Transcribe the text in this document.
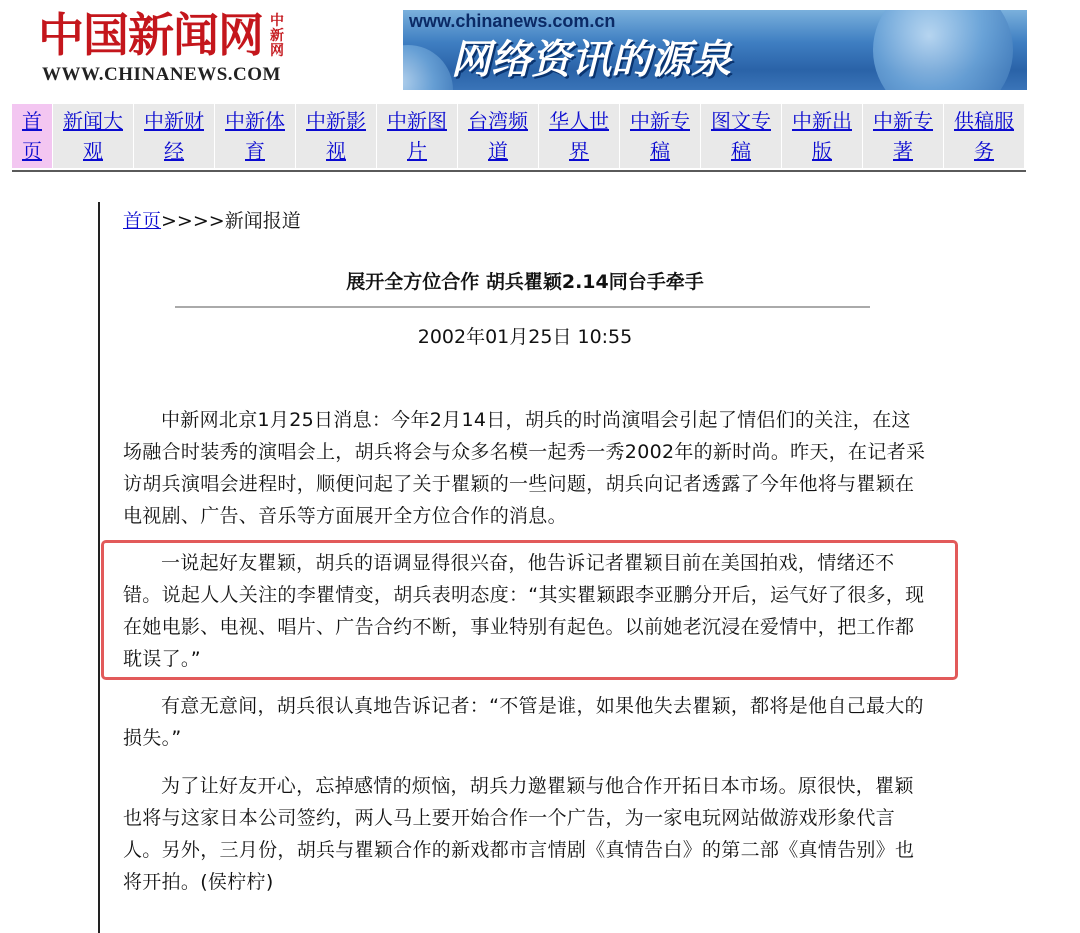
中国新闻网 中新网
WWW.CHINANEWS.COM
www.chinanews.com.cn
网络资讯的源泉
首
页
新闻大
观
中新财
经
中新体
育
中新影
视
中新图
片
台湾频
道
华人世
界
中新专
稿
图文专
稿
中新出
版
中新专
著
供稿服
务
首页>>>>新闻报道
展开全方位合作 胡兵瞿颖2.14同台手牵手
2002年01月25日 10:55

中新网北京1月25日消息：今年2月14日，胡兵的时尚演唱会引起了情侣们的关注，在这场融合时装秀的演唱会上，胡兵将会与众多名模一起秀一秀2002年的新时尚。昨天，在记者采访胡兵演唱会进程时，顺便问起了关于瞿颖的一些问题，胡兵向记者透露了今年他将与瞿颖在电视剧、广告、音乐等方面展开全方位合作的消息。

一说起好友瞿颖，胡兵的语调显得很兴奋，他告诉记者瞿颖目前在美国拍戏，情绪还不错。说起人人关注的李瞿情变，胡兵表明态度：“其实瞿颖跟李亚鹏分开后，运气好了很多，现在她电影、电视、唱片、广告合约不断，事业特别有起色。以前她老沉浸在爱情中，把工作都耽误了。”

有意无意间，胡兵很认真地告诉记者：“不管是谁，如果他失去瞿颖，都将是他自己最大的损失。”

为了让好友开心，忘掉感情的烦恼，胡兵力邀瞿颖与他合作开拓日本市场。原很快，瞿颖也将与这家日本公司签约，两人马上要开始合作一个广告，为一家电玩网站做游戏形象代言人。另外，三月份，胡兵与瞿颖合作的新戏都市言情剧《真情告白》的第二部《真情告别》也将开拍。(侯柠柠)
